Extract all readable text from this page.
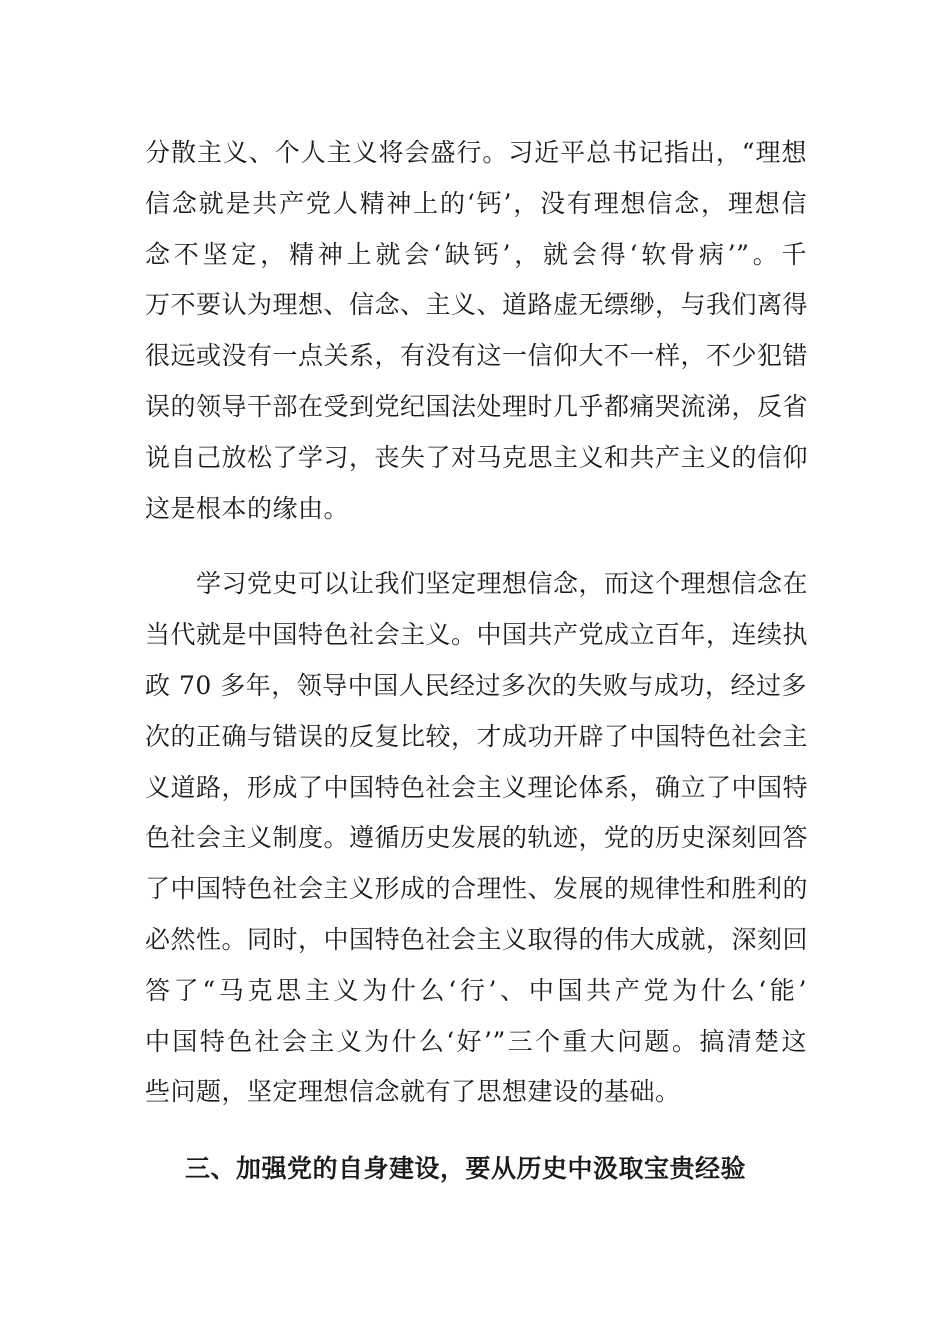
分散主义、个人主义将会盛行。习近平总书记指出，“理想
信念就是共产党人精神上的‘钙’，没有理想信念，理想信
念不坚定，精神上就会‘缺钙’，就会得‘软骨病’”。千
万不要认为理想、信念、主义、道路虚无缥缈，与我们离得
很远或没有一点关系，有没有这一信仰大不一样，不少犯错
误的领导干部在受到党纪国法处理时几乎都痛哭流涕，反省
说自己放松了学习，丧失了对马克思主义和共产主义的信仰
这是根本的缘由。
　　学习党史可以让我们坚定理想信念，而这个理想信念在
当代就是中国特色社会主义。中国共产党成立百年，连续执
政 70 多年，领导中国人民经过多次的失败与成功，经过多
次的正确与错误的反复比较，才成功开辟了中国特色社会主
义道路，形成了中国特色社会主义理论体系，确立了中国特
色社会主义制度。遵循历史发展的轨迹，党的历史深刻回答
了中国特色社会主义形成的合理性、发展的规律性和胜利的
必然性。同时，中国特色社会主义取得的伟大成就，深刻回
答了“马克思主义为什么‘行’、中国共产党为什么‘能’
中国特色社会主义为什么‘好’”三个重大问题。搞清楚这
些问题，坚定理想信念就有了思想建设的基础。
三、加强党的自身建设，要从历史中汲取宝贵经验
